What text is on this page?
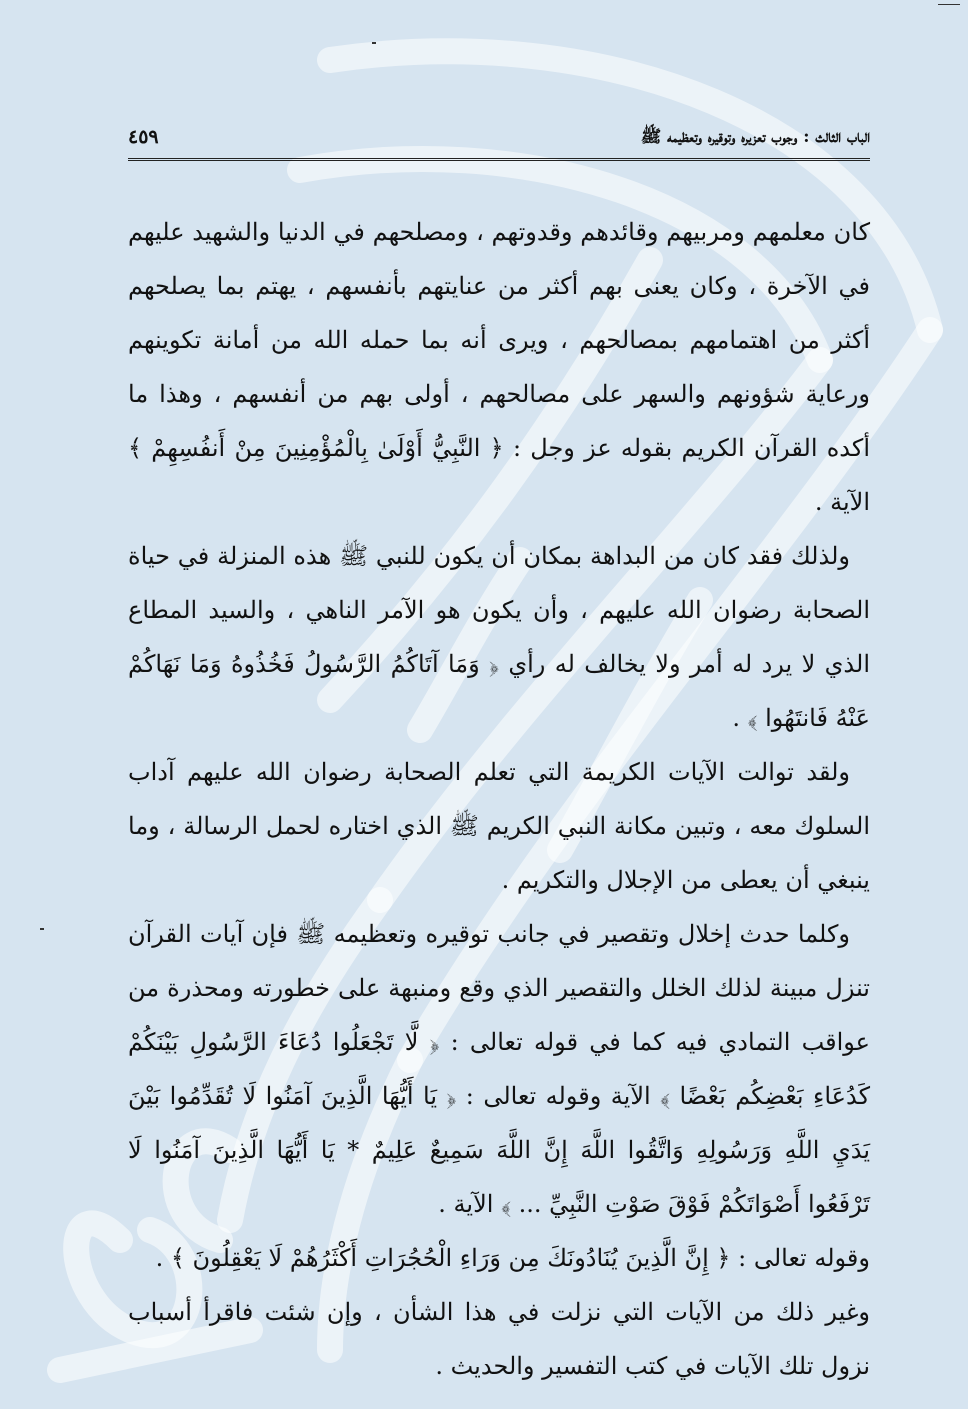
الباب الثالث : وجوب تعزيره وتوقيره وتعظيمه ﷺ
٤٥٩

كان معلمهم ومربيهم وقائدهم وقدوتهم ، ومصلحهم في الدنيا والشهيد عليهم في الآخرة ، وكان يعنى بهم أكثر من عنايتهم بأنفسهم ، يهتم بما يصلحهم أكثر من اهتمامهم بمصالحهم ، ويرى أنه بما حمله الله من أمانة تكوينهم ورعاية شؤونهم والسهر على مصالحهم ، أولى بهم من أنفسهم ، وهذا ما أكده القرآن الكريم بقوله عز وجل : ﴿ النَّبِيُّ أَوْلَىٰ بِالْمُؤْمِنِينَ مِنْ أَنفُسِهِمْ ﴾ الآية .

ولذلك فقد كان من البداهة بمكان أن يكون للنبي ﷺ هذه المنزلة في حياة الصحابة رضوان الله عليهم ، وأن يكون هو الآمر الناهي ، والسيد المطاع الذي لا يرد له أمر ولا يخالف له رأي ﴿ وَمَا آتَاكُمُ الرَّسُولُ فَخُذُوهُ وَمَا نَهَاكُمْ عَنْهُ فَانتَهُوا ﴾ .

ولقد توالت الآيات الكريمة التي تعلم الصحابة رضوان الله عليهم آداب السلوك معه ، وتبين مكانة النبي الكريم ﷺ الذي اختاره لحمل الرسالة ، وما ينبغي أن يعطى من الإجلال والتكريم .

وكلما حدث إخلال وتقصير في جانب توقيره وتعظيمه ﷺ فإن آيات القرآن تنزل مبينة لذلك الخلل والتقصير الذي وقع ومنبهة على خطورته ومحذرة من عواقب التمادي فيه كما في قوله تعالى : ﴿ لَّا تَجْعَلُوا دُعَاءَ الرَّسُولِ بَيْنَكُمْ كَدُعَاءِ بَعْضِكُم بَعْضًا ﴾ الآية وقوله تعالى : ﴿ يَا أَيُّهَا الَّذِينَ آمَنُوا لَا تُقَدِّمُوا بَيْنَ يَدَيِ اللَّهِ وَرَسُولِهِ وَاتَّقُوا اللَّهَ إِنَّ اللَّهَ سَمِيعٌ عَلِيمٌ * يَا أَيُّهَا الَّذِينَ آمَنُوا لَا تَرْفَعُوا أَصْوَاتَكُمْ فَوْقَ صَوْتِ النَّبِيِّ ... ﴾ الآية .

وقوله تعالى : ﴿ إِنَّ الَّذِينَ يُنَادُونَكَ مِن وَرَاءِ الْحُجُرَاتِ أَكْثَرُهُمْ لَا يَعْقِلُونَ ﴾ .

وغير ذلك من الآيات التي نزلت في هذا الشأن ، وإن شئت فاقرأ أسباب نزول تلك الآيات في كتب التفسير والحديث .
